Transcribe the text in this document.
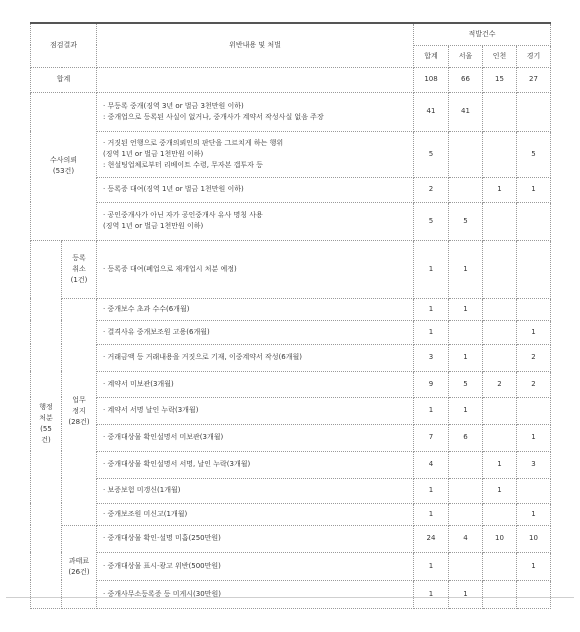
점검결과		위반내용 및 처벌	적발건수			
			합계	서울	인천	경기
합계			108	66	15	27
수사의뢰
(53건)		· 무등록 중개(징역 3년 or 벌금 3천만원 이하)
: 중개업으로 등록된 사실이 없거나, 중개사가 계약서 작성사실 없음 주장	41	41		
		· 거짓된 언행으로 중개의뢰인의 판단을 그르치게 하는 행위
(징역 1년 or 벌금 1천만원 이하)
: 현설팅업체로부터 리베이트 수령, 무자본 갭투자 등	5			5
		· 등록증 대여(징역 1년 or 벌금 1천만원 이하)	2		1	1
		· 공인중개사가 아닌 자가 공인중개사 유사 명칭 사용
(징역 1년 or 벌금 1천만원 이하)	5	5		
행정
처분
(55
건)	등록
취소
(1건)	· 등록증 대여(폐업으로 재개업시 처분 예정)	1	1		
	업무
정지
(28건)	· 중개보수 초과 수수(6개월)	1	1		
		· 결격사유 중개보조원 고용(6개월)	1			1
		· 거래금액 등 거래내용을 거짓으로 기재, 이중계약서 작성(6개월)	3	1		2
		· 계약서 미보관(3개월)	9	5	2	2
		· 계약서 서명 날인 누락(3개월)	1	1		
		· 중개대상물 확인설명서 미보관(3개월)	7	6		1
		· 중개대상물 확인설명서 서명, 날인 누락(3개월)	4		1	3
		· 보증보험 미갱신(1개월)	1		1	
		· 중개보조원 미신고(1개월)	1			1
	과태료
(26건)	· 중개대상물 확인·설명 미흡(250만원)	24	4	10	10
		· 중개대상물 표시·광고 위반(500만원)	1			1
		· 중개사무소등록증 등 미게시(30만원)	1	1		
